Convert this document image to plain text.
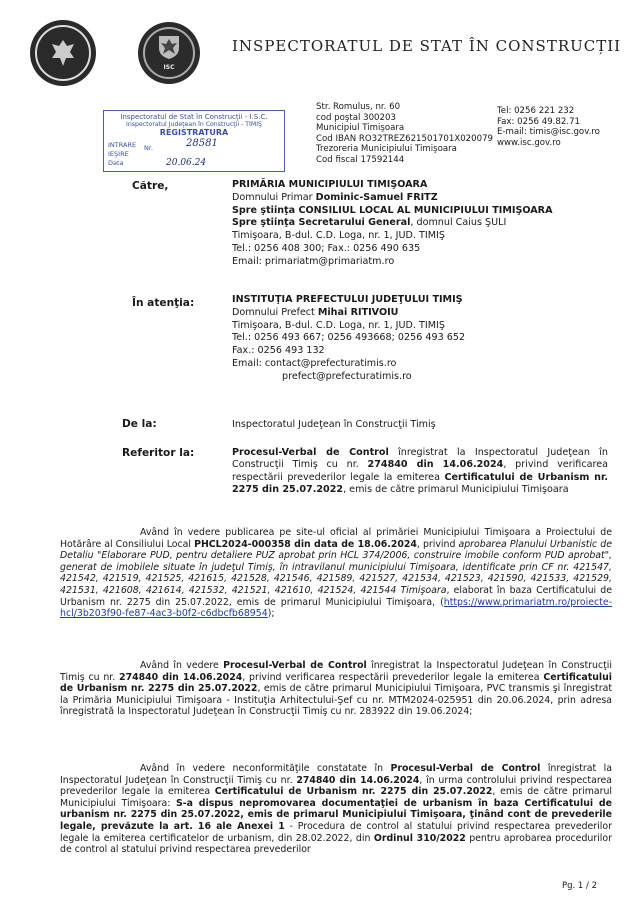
ISC
INSPECTORATUL DE STAT ÎN CONSTRUCȚII
Inspectoratul de Stat în Construcţii - I.S.C.
Inspectoratul Judeţean în Construcţii - TIMIŞ
REGISTRATURA
INTRARE
IEŞIRE
Data
Nr.	28581
20.06.24
Str. Romulus, nr. 60
cod poştal 300203
Municipiul Timişoara
Cod IBAN RO32TREZ621501701X020079
Trezoreria Municipiului Timişoara
Cod fiscal 17592144
Tel: 0256 221 232
Fax: 0256 49.82.71
E-mail: timis@isc.gov.ro
www.isc.gov.ro
Către,	PRIMĂRIA MUNICIPIULUI TIMIŞOARA
Domnului Primar Dominic-Samuel FRITZ
Spre ştiinţa CONSILIUL LOCAL AL MUNICIPIULUI TIMIŞOARA
Spre ştiinţa Secretarului General, domnul Caius ŞULI
Timişoara, B-dul. C.D. Loga, nr. 1, JUD. TIMIŞ
Tel.: 0256 408 300; Fax.: 0256 490 635
Email: primariatm@primariatm.ro
În atenţia:	INSTITUŢIA PREFECTULUI JUDEŢULUI TIMIŞ
Domnului Prefect Mihai RITIVOIU
Timişoara, B-dul. C.D. Loga, nr. 1, JUD. TIMIŞ
Tel.: 0256 493 667; 0256 493668; 0256 493 652
Fax.: 0256 493 132
Email: contact@prefecturatimis.ro
prefect@prefecturatimis.ro
De la:	Inspectoratul Judeţean în Construcţii Timiş
Referitor la:	Procesul-Verbal de Control înregistrat la Inspectoratul Judeţean în Construcţii Timiş cu nr. 274840 din 14.06.2024, privind verificarea respectării prevederilor legale la emiterea Certificatului de Urbanism nr. 2275 din 25.07.2022, emis de către primarul Municipiului Timişoara
Având în vedere publicarea pe site-ul oficial al primăriei Municipiului Timişoara a Proiectului de Hotărâre al Consiliului Local PHCL2024-000358 din data de 18.06.2024, privind aprobarea Planului Urbanistic de Detaliu "Elaborare PUD, pentru detaliere PUZ aprobat prin HCL 374/2006, construire imobile conform PUD aprobat", generat de imobilele situate în judeţul Timiş, în intravilanul municipiului Timişoara, identificate prin CF nr. 421547, 421542, 421519, 421525, 421615, 421528, 421546, 421589, 421527, 421534, 421523, 421590, 421533, 421529, 421531, 421608, 421614, 421532, 421521, 421610, 421524, 421544 Timişoara, elaborat în baza Certificatului de Urbanism nr. 2275 din 25.07.2022, emis de primarul Municipiului Timişoara, (https://www.primariatm.ro/proiecte-hcl/3b203f90-fe87-4ac3-b0f2-c6dbcfb68954);
Având în vedere Procesul-Verbal de Control înregistrat la Inspectoratul Judeţean în Construcţii Timiş cu nr. 274840 din 14.06.2024, privind verificarea respectării prevederilor legale la emiterea Certificatului de Urbanism nr. 2275 din 25.07.2022, emis de către primarul Municipiului Timişoara, PVC transmis şi înregistrat la Primăria Municipiului Timişoara - Instituţia Arhitectului-Şef cu nr. MTM2024-025951 din 20.06.2024, prin adresa înregistrată la Inspectoratul Judeţean în Construcţii Timiş cu nr. 283922 din 19.06.2024;
Având în vedere neconformităţile constatate în Procesul-Verbal de Control înregistrat la Inspectoratul Judeţean în Construcţii Timiş cu nr. 274840 din 14.06.2024, în urma controlului privind respectarea prevederilor legale la emiterea Certificatului de Urbanism nr. 2275 din 25.07.2022, emis de către primarul Municipiului Timişoara: S-a dispus nepromovarea documentaţiei de urbanism în baza Certificatului de urbanism nr. 2275 din 25.07.2022, emis de primarul Municipiului Timişoara, ţinând cont de prevederile legale, prevăzute la art. 16 ale Anexei 1 - Procedura de control al statului privind respectarea prevederilor legale la emiterea certificatelor de urbanism, din 28.02.2022, din Ordinul 310/2022 pentru aprobarea procedurilor de control al statului privind respectarea prevederilor
Pg. 1 / 2
